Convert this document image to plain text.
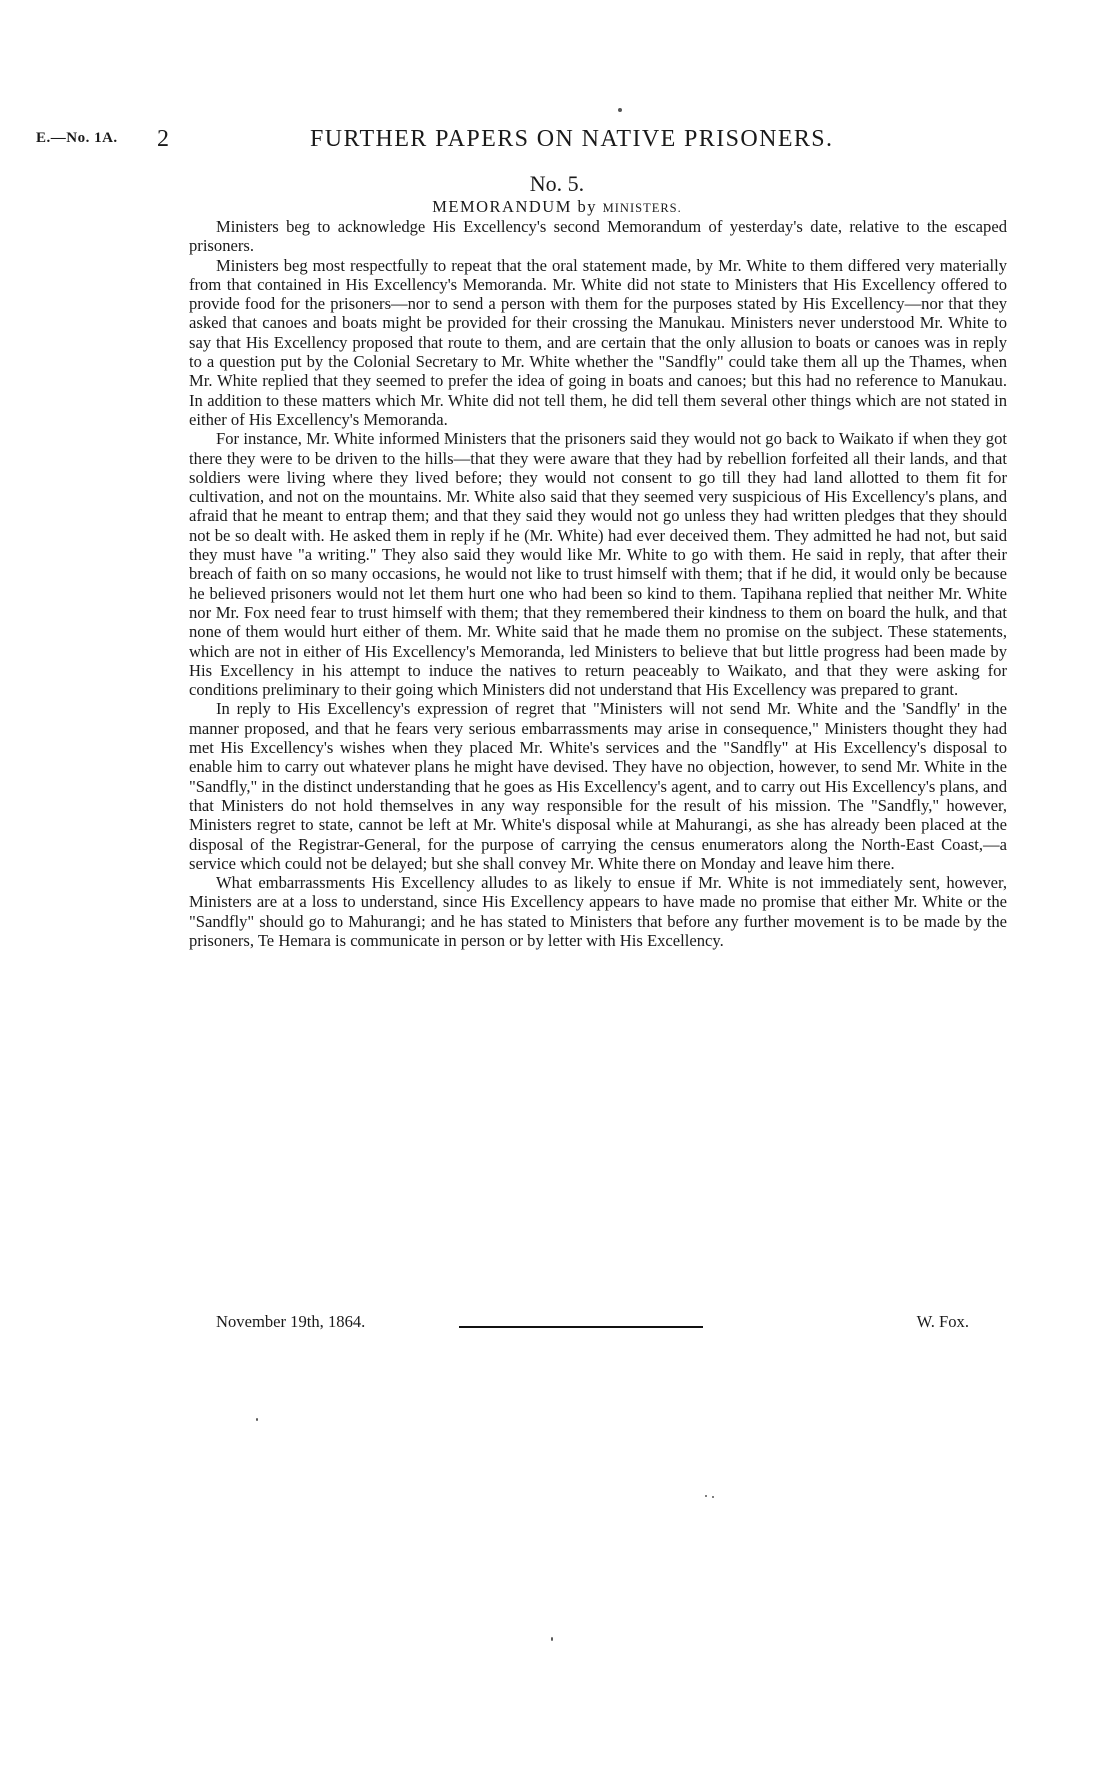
E.—No. 1A. 2	FURTHER PAPERS ON NATIVE PRISONERS.
No. 5.
MEMORANDUM by MINISTERS.

Ministers beg to acknowledge His Excellency's second Memorandum of yesterday's date, relative to the escaped prisoners.

Ministers beg most respectfully to repeat that the oral statement made, by Mr. White to them differed very materially from that contained in His Excellency's Memoranda. Mr. White did not state to Ministers that His Excellency offered to provide food for the prisoners—nor to send a person with them for the purposes stated by His Excellency—nor that they asked that canoes and boats might be provided for their crossing the Manukau. Ministers never understood Mr. White to say that His Excellency proposed that route to them, and are certain that the only allusion to boats or canoes was in reply to a question put by the Colonial Secretary to Mr. White whether the "Sandfly" could take them all up the Thames, when Mr. White replied that they seemed to prefer the idea of going in boats and canoes; but this had no reference to Manukau. In addition to these matters which Mr. White did not tell them, he did tell them several other things which are not stated in either of His Excellency's Memoranda.

For instance, Mr. White informed Ministers that the prisoners said they would not go back to Waikato if when they got there they were to be driven to the hills—that they were aware that they had by rebellion forfeited all their lands, and that soldiers were living where they lived before; they would not consent to go till they had land allotted to them fit for cultivation, and not on the mountains. Mr. White also said that they seemed very suspicious of His Excellency's plans, and afraid that he meant to entrap them; and that they said they would not go unless they had written pledges that they should not be so dealt with. He asked them in reply if he (Mr. White) had ever deceived them. They admitted he had not, but said they must have "a writing." They also said they would like Mr. White to go with them. He said in reply, that after their breach of faith on so many occasions, he would not like to trust himself with them; that if he did, it would only be because he believed prisoners would not let them hurt one who had been so kind to them. Tapihana replied that neither Mr. White nor Mr. Fox need fear to trust himself with them; that they remembered their kindness to them on board the hulk, and that none of them would hurt either of them. Mr. White said that he made them no promise on the subject. These statements, which are not in either of His Excellency's Memoranda, led Ministers to believe that but little progress had been made by His Excellency in his attempt to induce the natives to return peaceably to Waikato, and that they were asking for conditions preliminary to their going which Ministers did not understand that His Excellency was prepared to grant.

In reply to His Excellency's expression of regret that "Ministers will not send Mr. White and the 'Sandfly' in the manner proposed, and that he fears very serious embarrassments may arise in consequence," Ministers thought they had met His Excellency's wishes when they placed Mr. White's services and the "Sandfly" at His Excellency's disposal to enable him to carry out whatever plans he might have devised. They have no objection, however, to send Mr. White in the "Sandfly," in the distinct understanding that he goes as His Excellency's agent, and to carry out His Excellency's plans, and that Ministers do not hold themselves in any way responsible for the result of his mission. The "Sandfly," however, Ministers regret to state, cannot be left at Mr. White's disposal while at Mahurangi, as she has already been placed at the disposal of the Registrar-General, for the purpose of carrying the census enumerators along the North-East Coast,—a service which could not be delayed; but she shall convey Mr. White there on Monday and leave him there.

What embarrassments His Excellency alludes to as likely to ensue if Mr. White is not immediately sent, however, Ministers are at a loss to understand, since His Excellency appears to have made no promise that either Mr. White or the "Sandfly" should go to Mahurangi; and he has stated to Ministers that before any further movement is to be made by the prisoners, Te Hemara is communicate in person or by letter with His Excellency.

November 19th, 1864.	W. Fox.
